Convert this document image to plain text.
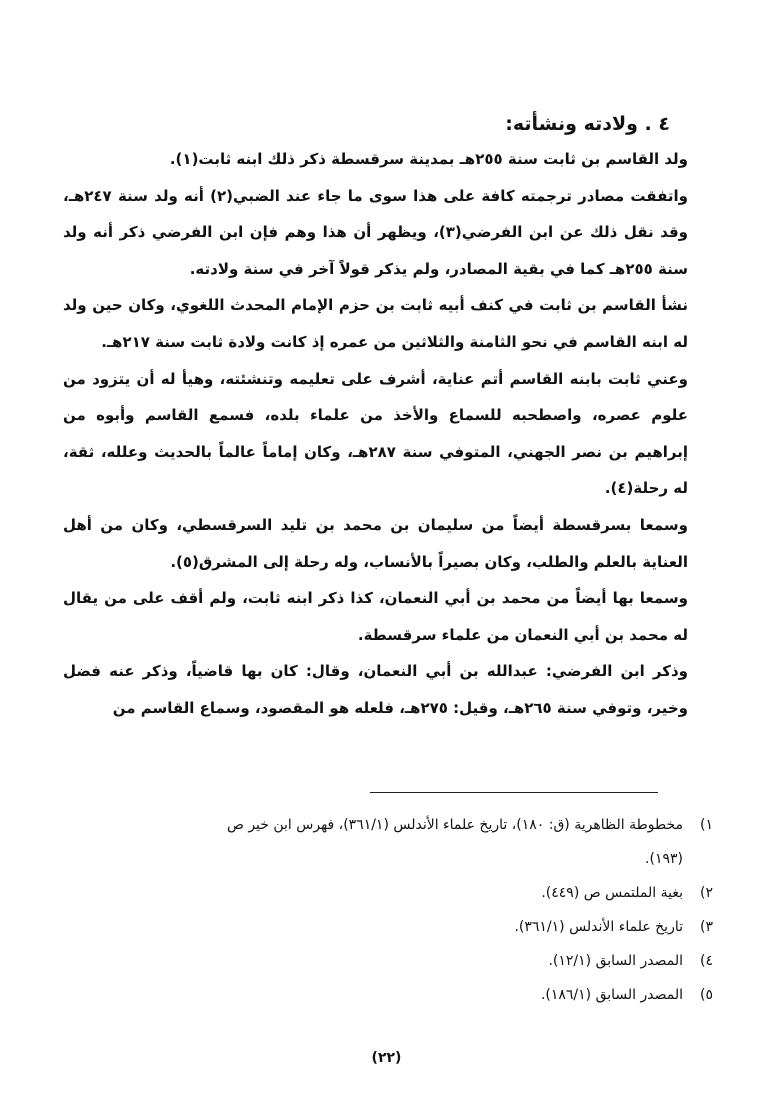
٤ . ولادته ونشأته:

ولد القاسم بن ثابت سنة ٢٥٥هـ بمدينة سرقسطة ذكر ذلك ابنه ثابت(١).

واتفقت مصادر ترجمته كافة على هذا سوى ما جاء عند الضبي(٢) أنه ولد سنة ٢٤٧هـ، وقد نقل ذلك عن ابن الفرضي(٣)، ويظهر أن هذا وهم فإن ابن الفرضي ذكر أنه ولد سنة ٢٥٥هـ كما في بقية المصادر، ولم يذكر قولاً آخر في سنة ولادته.

نشأ القاسم بن ثابت في كنف أبيه ثابت بن حزم الإمام المحدث اللغوي، وكان حين ولد له ابنه القاسم في نحو الثامنة والثلاثين من عمره إذ كانت ولادة ثابت سنة ٢١٧هـ.

وعني ثابت بابنه القاسم أتم عناية، أشرف على تعليمه وتنشئته، وهيأ له أن يتزود من علوم عصره، واصطحبه للسماع والأخذ من علماء بلده، فسمع القاسم وأبوه من إبراهيم بن نصر الجهني، المتوفي سنة ٢٨٧هـ، وكان إماماً عالماً بالحديث وعلله، ثقة، له رحلة(٤).

وسمعا بسرقسطة أيضاً من سليمان بن محمد بن تليد السرقسطي، وكان من أهل العناية بالعلم والطلب، وكان بصيراً بالأنساب، وله رحلة إلى المشرق(٥).

وسمعا بها أيضاً من محمد بن أبي النعمان، كذا ذكر ابنه ثابت، ولم أقف على من يقال له محمد بن أبي النعمان من علماء سرقسطة.

وذكر ابن الفرضي: عبدالله بن أبي النعمان، وقال: كان بها قاضياً، وذكر عنه فضل وخير، وتوفي سنة ٢٦٥هـ، وقيل: ٢٧٥هـ، فلعله هو المقصود، وسماع القاسم من

١)
مخطوطة الظاهرية (ق: ١٨٠)، تاريخ علماء الأندلس (٣٦١/١)، فهرس ابن خير ص
(١٩٣).
٢)
بغية الملتمس ص (٤٤٩).
٣)
تاريخ علماء الأندلس (٣٦١/١).
٤)
المصدر السابق (١٢/١).
٥)
المصدر السابق (١٨٦/١).
(٢٢)
